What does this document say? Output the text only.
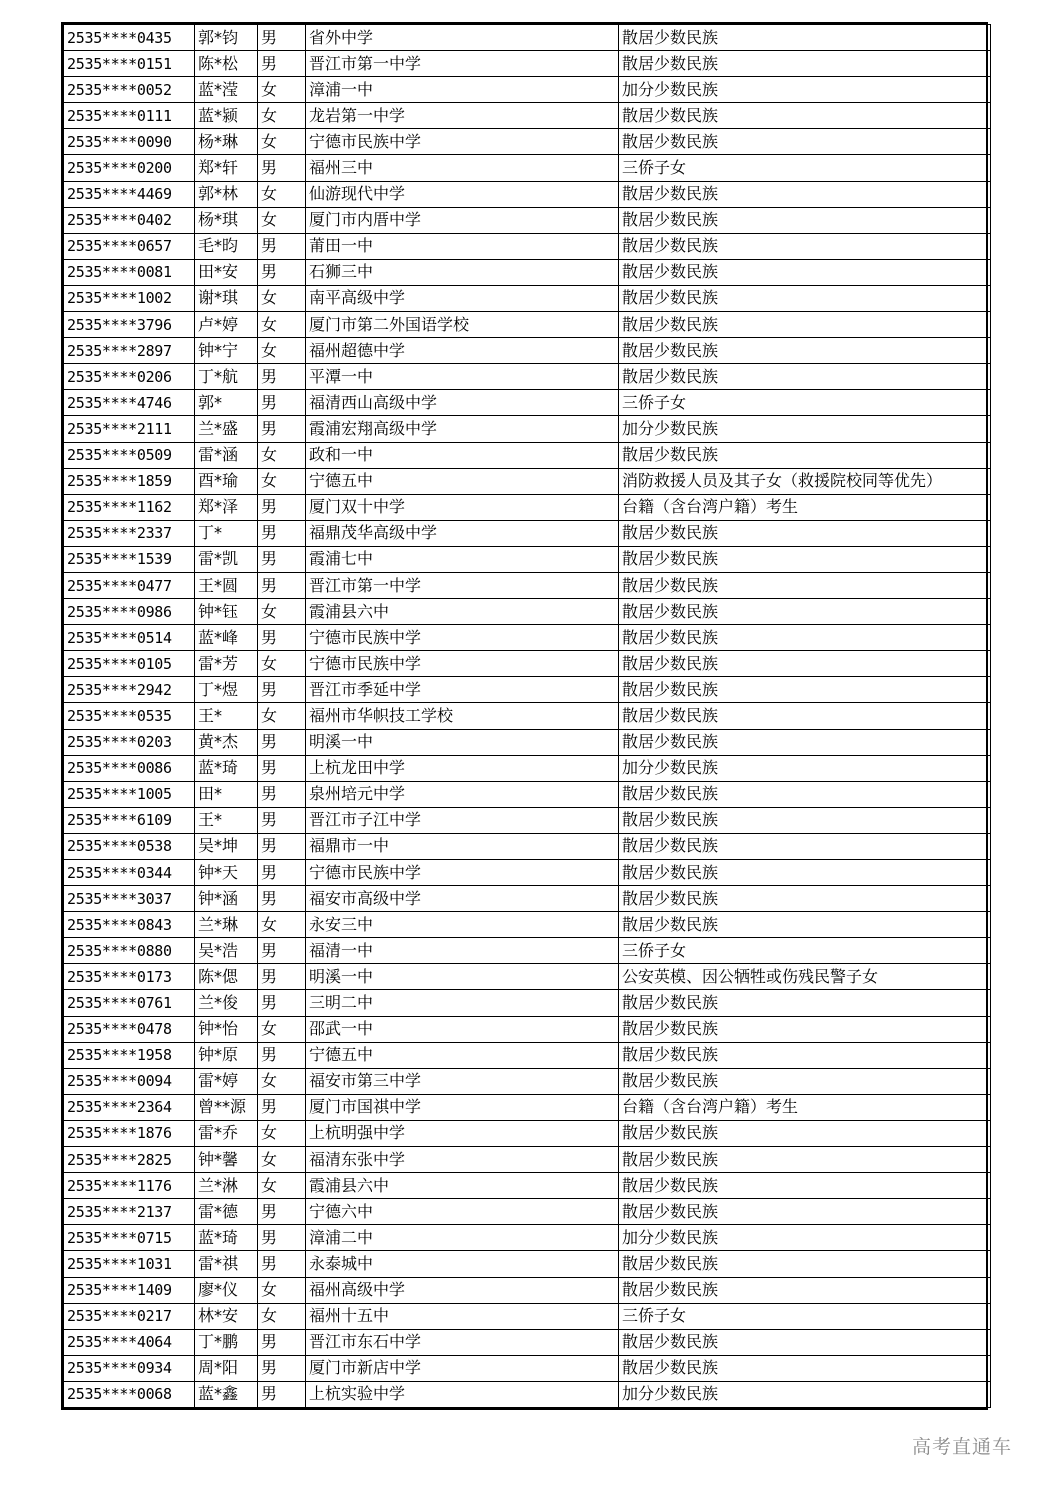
2535****0435	郭*钧	男	省外中学	散居少数民族
2535****0151	陈*松	男	晋江市第一中学	散居少数民族
2535****0052	蓝*滢	女	漳浦一中	加分少数民族
2535****0111	蓝*颍	女	龙岩第一中学	散居少数民族
2535****0090	杨*琳	女	宁德市民族中学	散居少数民族
2535****0200	郑*轩	男	福州三中	三侨子女
2535****4469	郭*林	女	仙游现代中学	散居少数民族
2535****0402	杨*琪	女	厦门市内厝中学	散居少数民族
2535****0657	毛*昀	男	莆田一中	散居少数民族
2535****0081	田*安	男	石狮三中	散居少数民族
2535****1002	谢*琪	女	南平高级中学	散居少数民族
2535****3796	卢*婷	女	厦门市第二外国语学校	散居少数民族
2535****2897	钟*宁	女	福州超德中学	散居少数民族
2535****0206	丁*航	男	平潭一中	散居少数民族
2535****4746	郭*	男	福清西山高级中学	三侨子女
2535****2111	兰*盛	男	霞浦宏翔高级中学	加分少数民族
2535****0509	雷*涵	女	政和一中	散居少数民族
2535****1859	酉*瑜	女	宁德五中	消防救援人员及其子女（救援院校同等优先）
2535****1162	郑*泽	男	厦门双十中学	台籍（含台湾户籍）考生
2535****2337	丁*	男	福鼎茂华高级中学	散居少数民族
2535****1539	雷*凯	男	霞浦七中	散居少数民族
2535****0477	王*圆	男	晋江市第一中学	散居少数民族
2535****0986	钟*钰	女	霞浦县六中	散居少数民族
2535****0514	蓝*峰	男	宁德市民族中学	散居少数民族
2535****0105	雷*芳	女	宁德市民族中学	散居少数民族
2535****2942	丁*煜	男	晋江市季延中学	散居少数民族
2535****0535	王*	女	福州市华帜技工学校	散居少数民族
2535****0203	黄*杰	男	明溪一中	散居少数民族
2535****0086	蓝*琦	男	上杭龙田中学	加分少数民族
2535****1005	田*	男	泉州培元中学	散居少数民族
2535****6109	王*	男	晋江市子江中学	散居少数民族
2535****0538	吴*坤	男	福鼎市一中	散居少数民族
2535****0344	钟*天	男	宁德市民族中学	散居少数民族
2535****3037	钟*涵	男	福安市高级中学	散居少数民族
2535****0843	兰*琳	女	永安三中	散居少数民族
2535****0880	吴*浩	男	福清一中	三侨子女
2535****0173	陈*偲	男	明溪一中	公安英模、因公牺牲或伤残民警子女
2535****0761	兰*俊	男	三明二中	散居少数民族
2535****0478	钟*怡	女	邵武一中	散居少数民族
2535****1958	钟*原	男	宁德五中	散居少数民族
2535****0094	雷*婷	女	福安市第三中学	散居少数民族
2535****2364	曾**源	男	厦门市国祺中学	台籍（含台湾户籍）考生
2535****1876	雷*乔	女	上杭明强中学	散居少数民族
2535****2825	钟*馨	女	福清东张中学	散居少数民族
2535****1176	兰*淋	女	霞浦县六中	散居少数民族
2535****2137	雷*德	男	宁德六中	散居少数民族
2535****0715	蓝*琦	男	漳浦二中	加分少数民族
2535****1031	雷*祺	男	永泰城中	散居少数民族
2535****1409	廖*仪	女	福州高级中学	散居少数民族
2535****0217	林*安	女	福州十五中	三侨子女
2535****4064	丁*鹏	男	晋江市东石中学	散居少数民族
2535****0934	周*阳	男	厦门市新店中学	散居少数民族
2535****0068	蓝*鑫	男	上杭实验中学	加分少数民族
高考直通车
